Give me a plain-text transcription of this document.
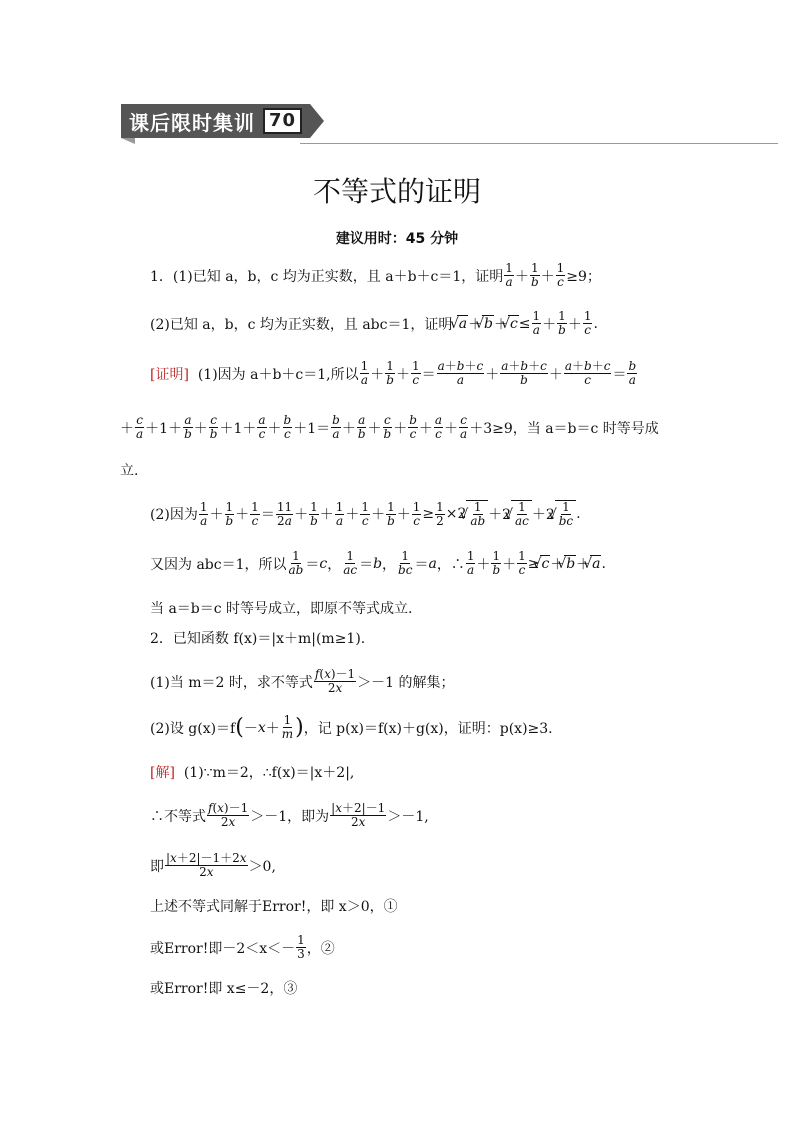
课后限时集训 70
不等式的证明
建议用时：45 分钟
1．(1)已知 a，b，c 均为正实数，且 a＋b＋c＝1，证明 $\frac{1}{a} + \frac{1}{b} + \frac{1}{c} \ge 9$；
(2)已知 a，b，c 均为正实数，且 abc＝1，证明
√ a ＋ √ b ＋ √ $c \le \frac{1}{a} + \frac{1}{b} + \frac{1}{c}$ .
[证明]
(1)因为 a＋b＋c＝1,所以 $\frac{1}{a} + \frac{1}{b} + \frac{1}{c} = \frac{a+b+c}{a} + \frac{a+b+c}{b} + \frac{a+b+c}{c} = \frac{b}{a}$
＋ $\frac{c}{a} +1+ \frac{a}{b} + \frac{c}{b} +1+ \frac{a}{c} + \frac{b}{c} +1= \frac{b}{a} + \frac{a}{b} + \frac{c}{b} + \frac{b}{c} + \frac{a}{c} + \frac{c}{a} +3\ge 9$，当 a＝b＝c 时等号成
立.
(2)因为 $\frac{1}{a} + \frac{1}{b} + \frac{1}{c} = \frac{11}{2a} + \frac{1}{b} + \frac{1}{a} + \frac{1}{c} + \frac{1}{b} + \frac{1}{c} \ge \frac{1}{2} \times 2$ √ $\frac{1}{ab} +2$ √ $\frac{1}{ac} +2$ √ $\frac{1}{bc}$ .
又因为 abc＝1，所以 $\frac{1}{ab} = c$ ， $\frac{1}{ac} = b$ ， $\frac{1}{bc} = a$ ，∴ $\frac{1}{a} + \frac{1}{b} + \frac{1}{c}$ ≥ √ c ＋ √ b ＋ √ a .
当 a＝b＝c 时等号成立，即原不等式成立.
2．已知函数 f(x)＝|x＋m|(m≥1).
(1)当 m＝2 时，求不等式 $\frac{f(x)-1}{2x} >-1$ 的解集；
(2)设 g(x)＝f ( － $x + \frac{1}{m}$ ) ，记 p(x)＝f(x)＋g(x)，证明：p(x)≥3.
[解]
(1)∵m＝2，∴f(x)＝|x＋2|,
∴不等式 $\frac{f(x)-1}{2x} >-1$，即为 $\frac{|x+2|-1}{2x} >-1$,
即 $\frac{|x+2|-1+2x}{2x} >0$,
上述不等式同解于Error!，即 x＞0，①
或Error!即$-2<x<- \frac{1}{3}$ ，②
或Error!即 x≤－2，③
